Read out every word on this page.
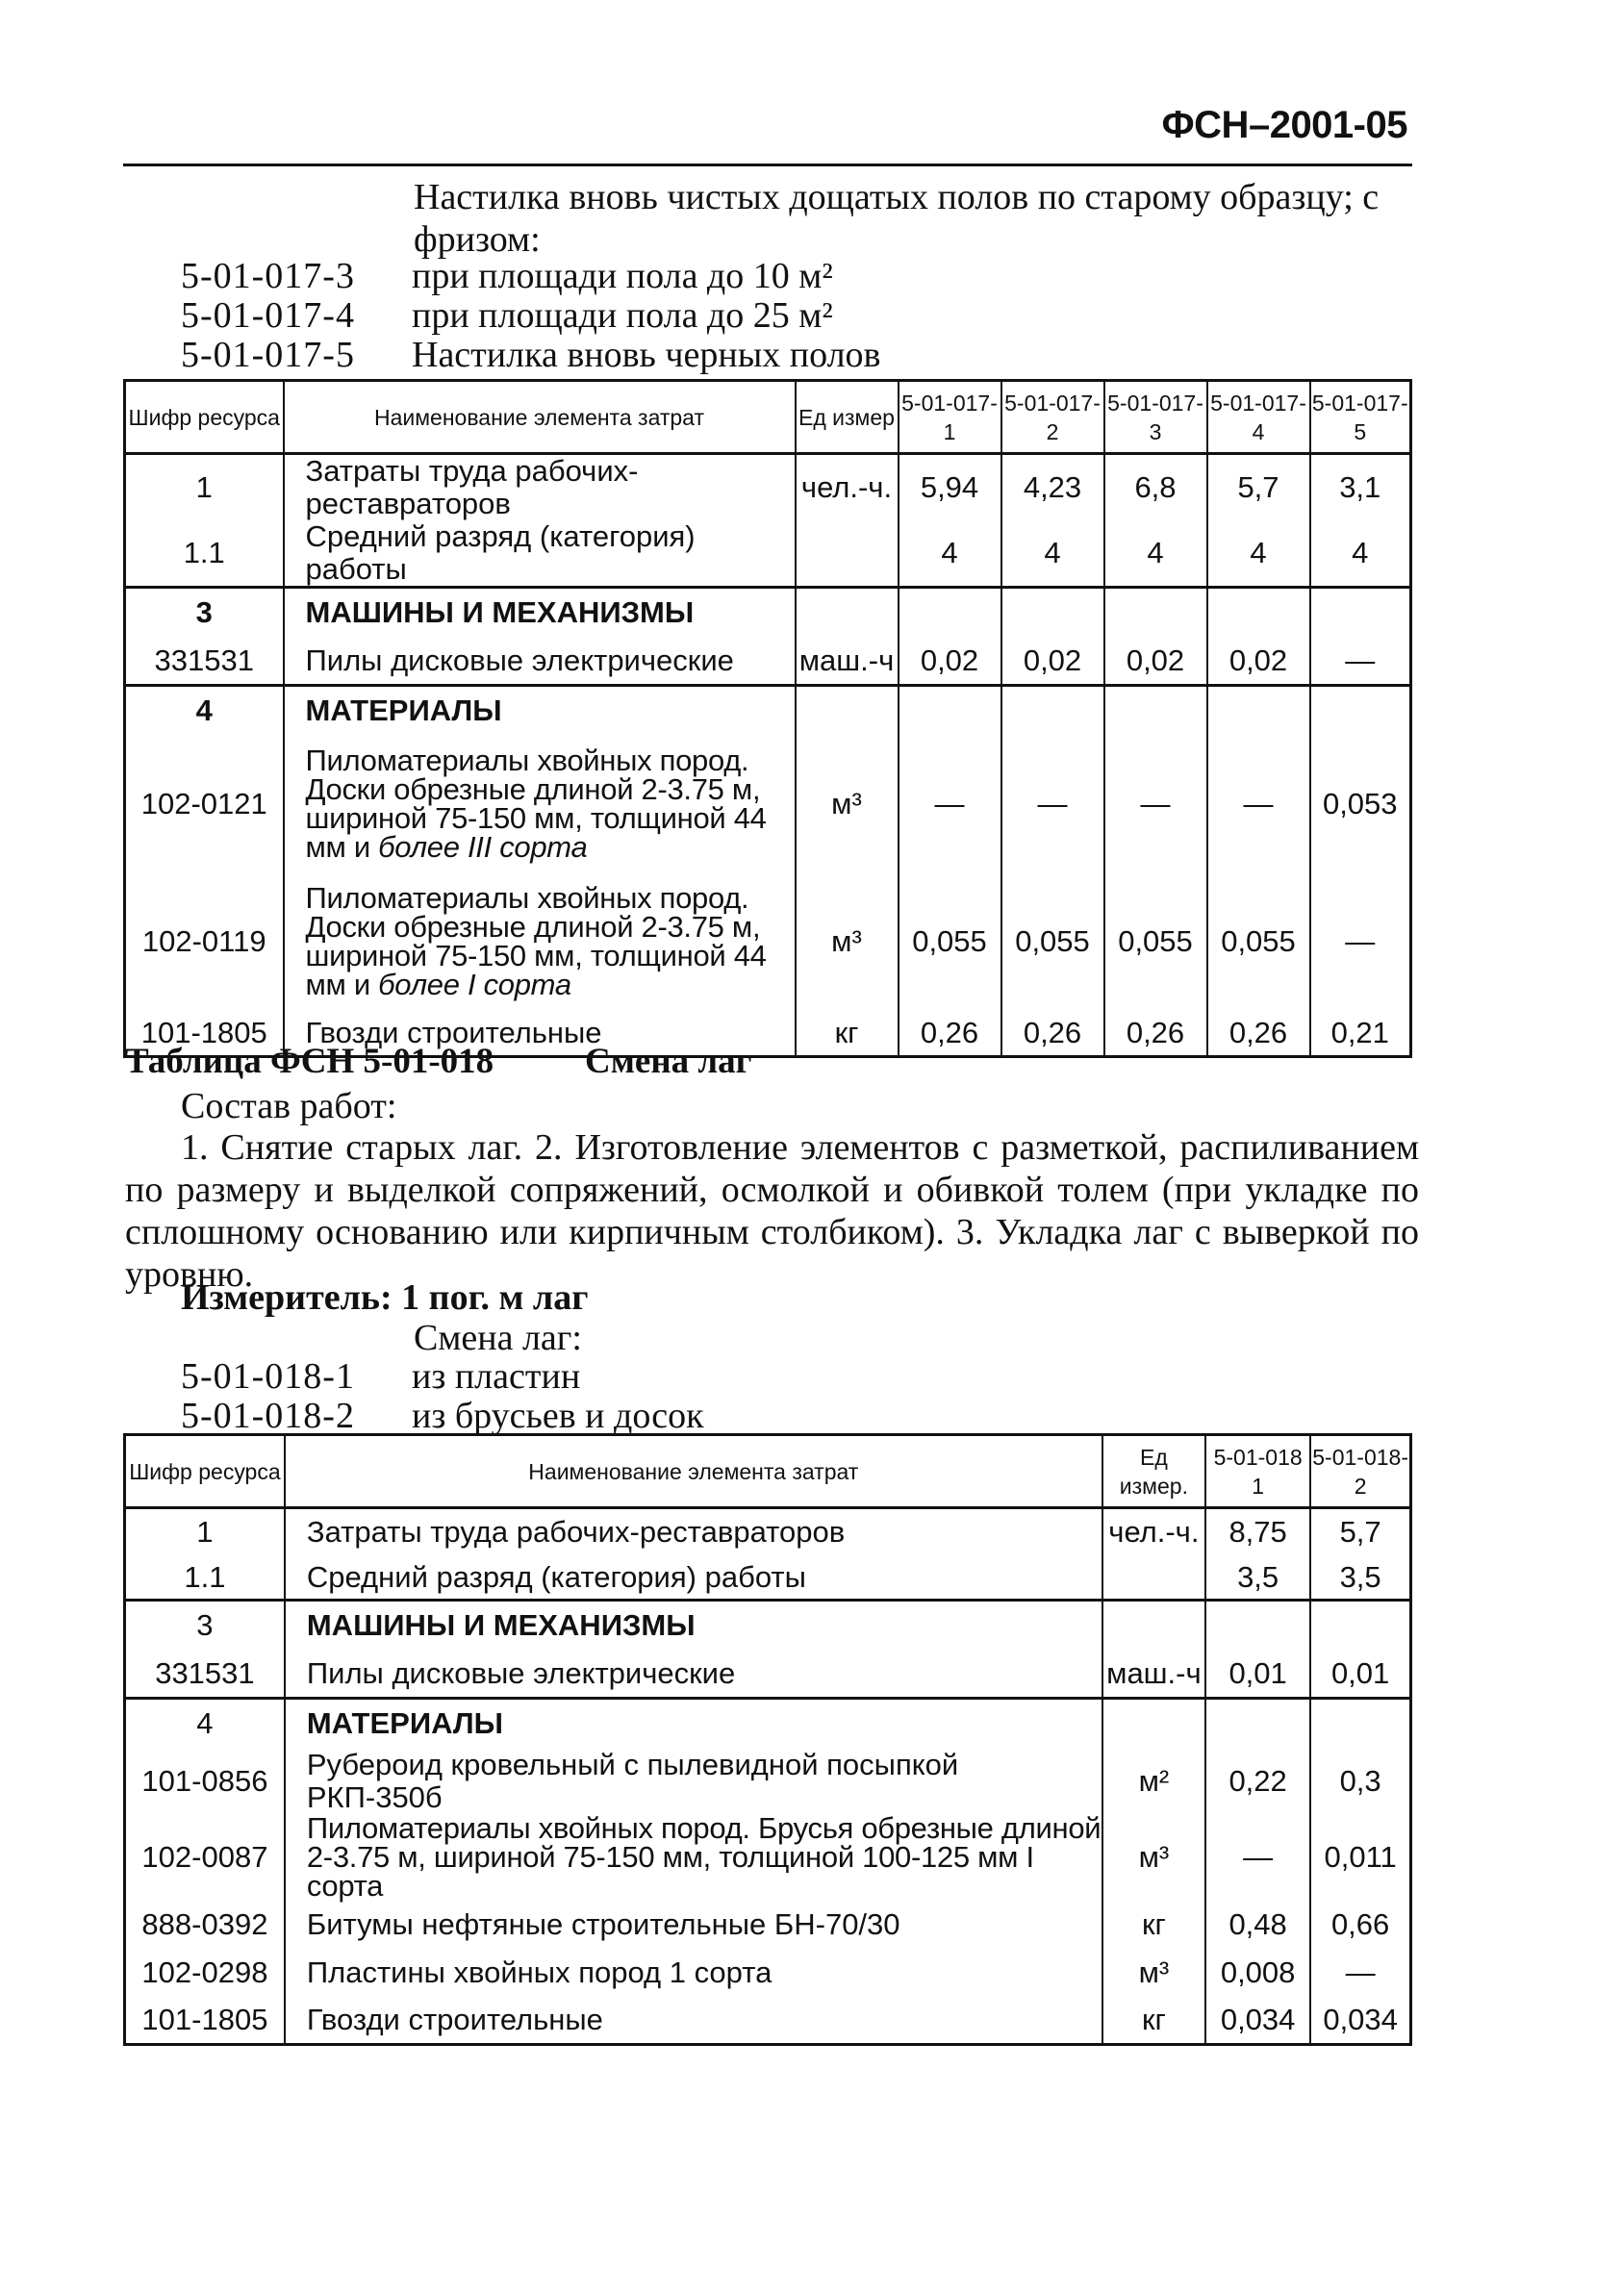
ФСН–2001-05
Настилка вновь чистых дощатых полов по старому образцу; с фризом:
5-01-017-3 при площади пола до 10 м²
5-01-017-4 при площади пола до 25 м²
5-01-017-5 Настилка вновь черных полов
Шифр ресурса	Наименование элемента затрат	Ед измер	5-01-017-1	5-01-017-2	5-01-017-3	5-01-017-4	5-01-017-5
1	Затраты труда рабочих-реставраторов	чел.-ч.	5,94	4,23	6,8	5,7	3,1
1.1	Средний разряд (категория) работы		4	4	4	4	4
3	МАШИНЫ И МЕХАНИЗМЫ						
331531	Пилы дисковые электрические	маш.-ч	0,02	0,02	0,02	0,02	—
4	МАТЕРИАЛЫ						
102-0121	Пиломатериалы хвойных пород. Доски обрезные длиной 2-3.75 м, шириной 75-150 мм, толщиной 44 мм и более III сорта	м³	—	—	—	—	0,053
102-0119	Пиломатериалы хвойных пород. Доски обрезные длиной 2-3.75 м, шириной 75-150 мм, толщиной 44 мм и более I сорта	м³	0,055	0,055	0,055	0,055	—
101-1805	Гвозди строительные	кг	0,26	0,26	0,26	0,26	0,21
Таблица ФСН 5-01-018	Смена лаг
Состав работ:
1. Снятие старых лаг. 2. Изготовление элементов с разметкой, распиливанием по размеру и выделкой сопряжений, осмолкой и обивкой толем (при укладке по сплошному основанию или кирпичным столбиком). 3. Укладка лаг с выверкой по уровню.
Измеритель: 1 пог. м лаг
Смена лаг:
5-01-018-1 из пластин
5-01-018-2 из брусьев и досок
Шифр ресурса	Наименование элемента затрат	Ед измер.	5-01-018 1	5-01-018-2
1	Затраты труда рабочих-реставраторов	чел.-ч.	8,75	5,7
1.1	Средний разряд (категория) работы		3,5	3,5
3	МАШИНЫ И МЕХАНИЗМЫ			
331531	Пилы дисковые электрические	маш.-ч	0,01	0,01
4	МАТЕРИАЛЫ			
101-0856	Рубероид кровельный с пылевидной посыпкой РКП-350б	м²	0,22	0,3
102-0087	Пиломатериалы хвойных пород. Брусья обрезные длиной 2-3.75 м, шириной 75-150 мм, толщиной 100-125 мм I сорта	м³	—	0,011
888-0392	Битумы нефтяные строительные БН-70/30	кг	0,48	0,66
102-0298	Пластины хвойных пород 1 сорта	м³	0,008	—
101-1805	Гвозди строительные	кг	0,034	0,034
